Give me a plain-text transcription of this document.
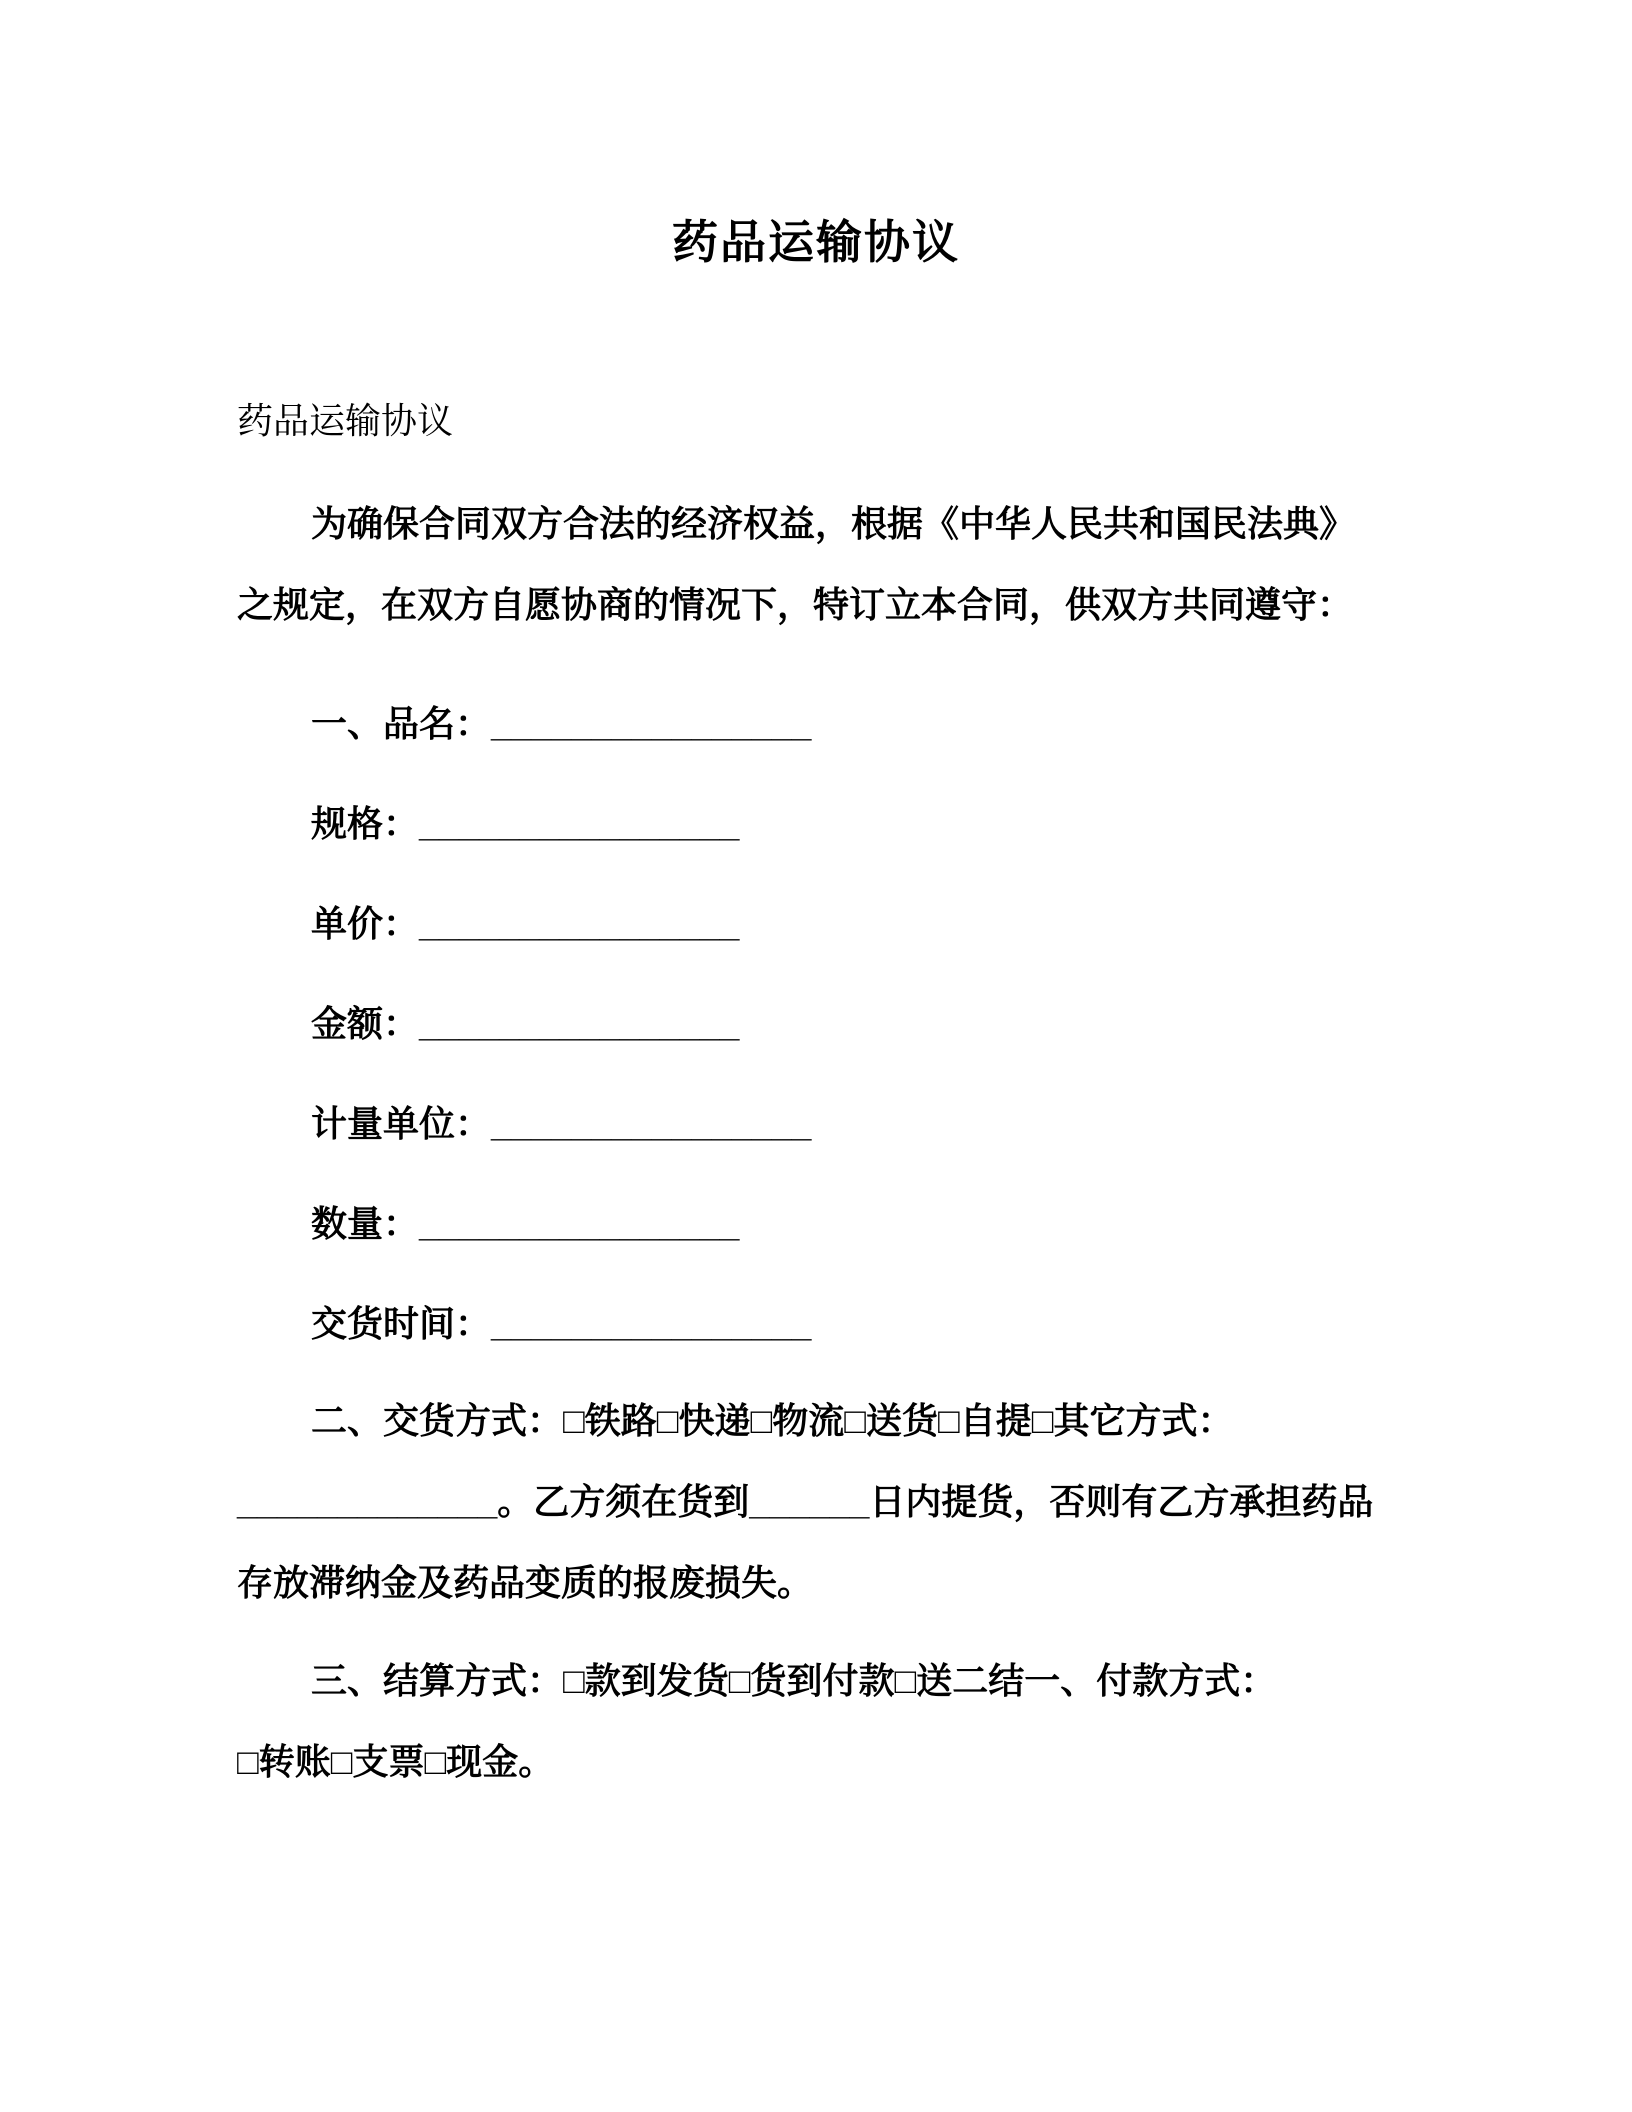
药品运输协议

药品运输协议

为确保合同双方合法的经济权益，根据《中华人民共和国民法典》
之规定，在双方自愿协商的情况下，特订立本合同，供双方共同遵守：
一、品名：________________
规格：________________
单价：________________
金额：________________
计量单位：________________
数量：________________
交货时间：________________
二、交货方式：□铁路□快递□物流□送货□自提□其它方式：
_____________。乙方须在货到______日内提货，否则有乙方承担药品
存放滞纳金及药品变质的报废损失。
三、结算方式：□款到发货□货到付款□送二结一、付款方式：
□转账□支票□现金。
